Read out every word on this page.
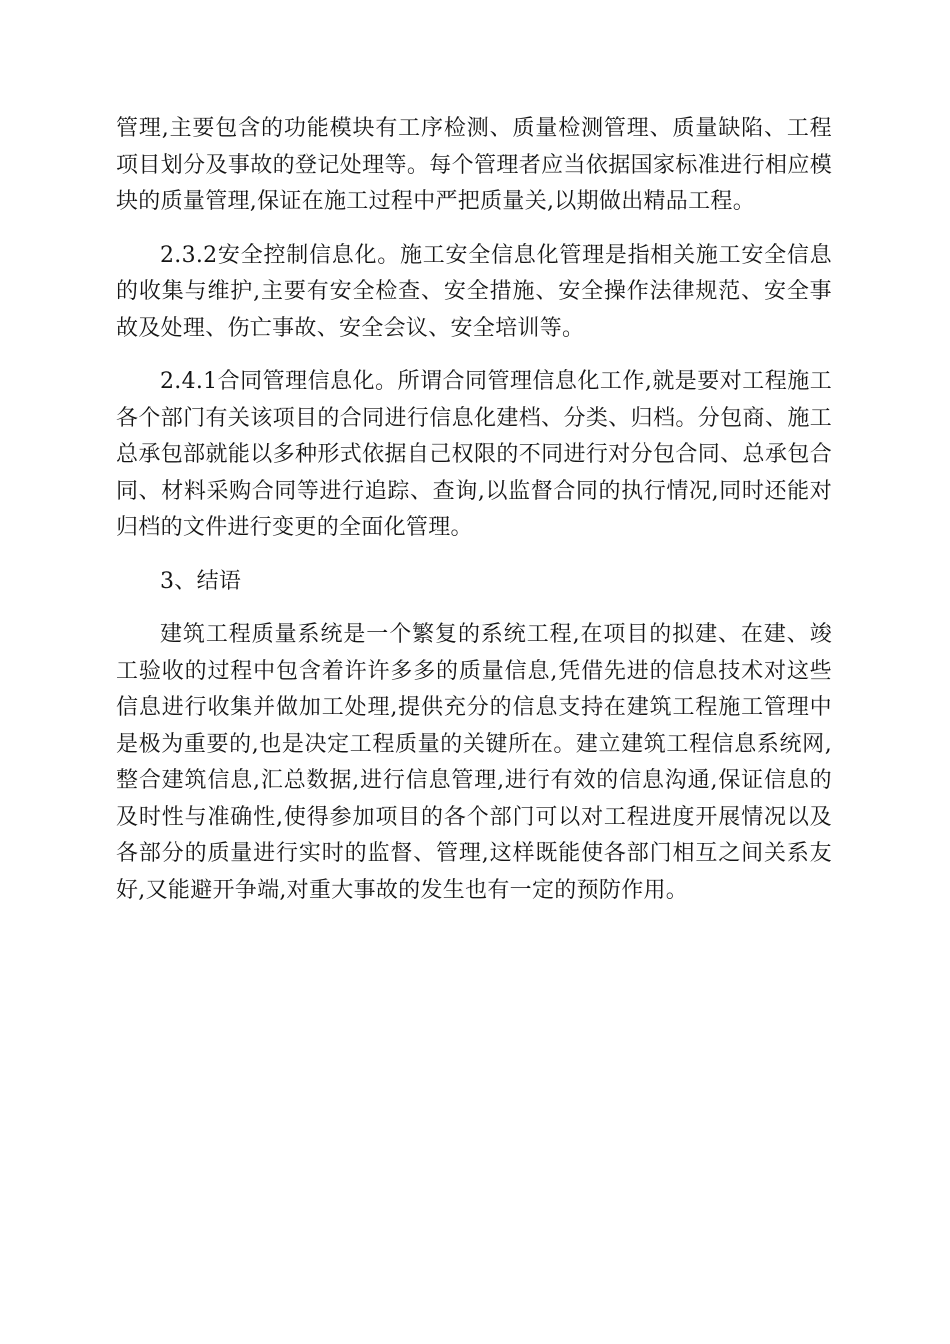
管理,主要包含的功能模块有工序检测、质量检测管理、质量缺陷、工程项目划分及事故的登记处理等。每个管理者应当依据国家标准进行相应模块的质量管理,保证在施工过程中严把质量关,以期做出精品工程。

2.3.2安全控制信息化。施工安全信息化管理是指相关施工安全信息的收集与维护,主要有安全检查、安全措施、安全操作法律规范、安全事故及处理、伤亡事故、安全会议、安全培训等。

2.4.1合同管理信息化。所谓合同管理信息化工作,就是要对工程施工各个部门有关该项目的合同进行信息化建档、分类、归档。分包商、施工总承包部就能以多种形式依据自己权限的不同进行对分包合同、总承包合同、材料采购合同等进行追踪、查询,以监督合同的执行情况,同时还能对归档的文件进行变更的全面化管理。

3、结语

建筑工程质量系统是一个繁复的系统工程,在项目的拟建、在建、竣工验收的过程中包含着许许多多的质量信息,凭借先进的信息技术对这些信息进行收集并做加工处理,提供充分的信息支持在建筑工程施工管理中是极为重要的,也是决定工程质量的关键所在。建立建筑工程信息系统网,整合建筑信息,汇总数据,进行信息管理,进行有效的信息沟通,保证信息的及时性与准确性,使得参加项目的各个部门可以对工程进度开展情况以及各部分的质量进行实时的监督、管理,这样既能使各部门相互之间关系友好,又能避开争端,对重大事故的发生也有一定的预防作用。
